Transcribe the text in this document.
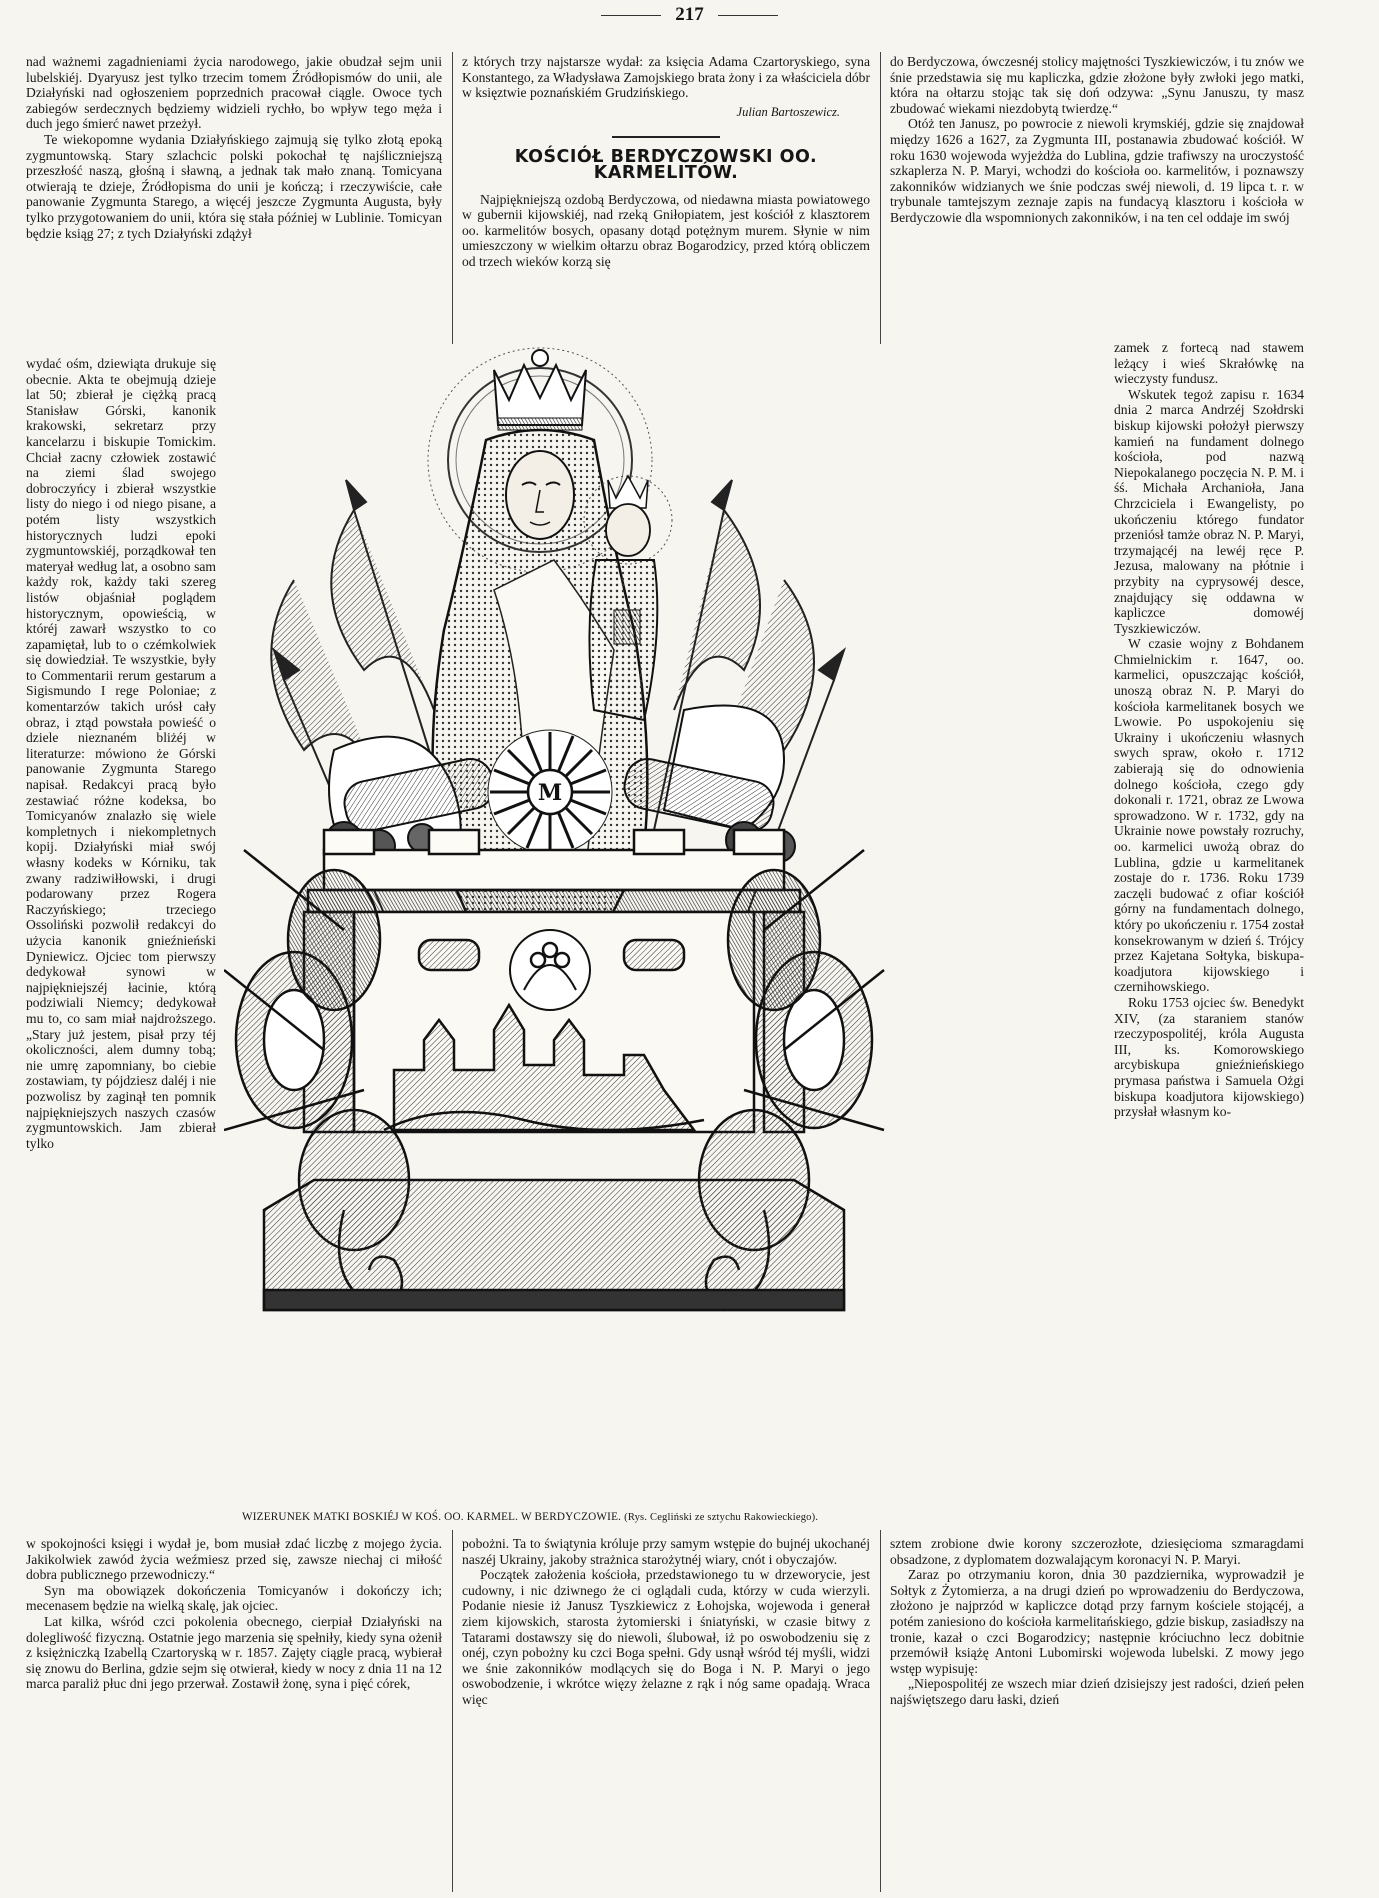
217

nad ważnemi zagadnieniami życia narodowego, jakie obudzał sejm unii lubelskiéj. Dyaryusz jest tylko trzecim tomem Źródłopismów do unii, ale Działyński nad ogłoszeniem poprzednich pracował ciągle. Owoce tych zabiegów serdecznych będziemy widzieli rychło, bo wpływ tego męża i duch jego śmierć nawet przeżył.

Te wiekopomne wydania Działyńskiego zajmują się tylko złotą epoką zygmuntowską. Stary szlachcic polski pokochał tę najśliczniejszą przeszłość naszą, głośną i sławną, a jednak tak mało znaną. Tomicyana otwierają te dzieje, Źródłopisma do unii je kończą; i rzeczywiście, całe panowanie Zygmunta Starego, a więcéj jeszcze Zygmunta Augusta, były tylko przygotowaniem do unii, która się stała później w Lublinie. Tomicyan będzie ksiąg 27; z tych Działyński zdążył

wydać ośm, dziewiąta drukuje się obecnie. Akta te obejmują dzieje lat 50; zbierał je ciężką pracą Stanisław Górski, kanonik krakowski, sekretarz przy kancelarzu i biskupie Tomickim. Chciał zacny człowiek zostawić na ziemi ślad swojego dobroczyńcy i zbierał wszystkie listy do niego i od niego pisane, a potém listy wszystkich historycznych ludzi epoki zygmuntowskiéj, porządkował ten materyał według lat, a osobno sam każdy rok, każdy taki szereg listów objaśniał poglądem historycznym, opowieścią, w któréj zawarł wszystko to co zapamiętał, lub to o czémkolwiek się dowiedział. Te wszystkie, były to Commentarii rerum gestarum a Sigismundo I rege Poloniae; z komentarzów takich urósł cały obraz, i ztąd powstała powieść o dziele nieznaném bliżéj w literaturze: mówiono że Górski panowanie Zygmunta Starego napisał. Redakcyi pracą było zestawiać różne kodeksa, bo Tomicyanów znalazło się wiele kompletnych i niekompletnych kopij. Działyński miał swój własny kodeks w Kórniku, tak zwany radziwiłłowski, i drugi podarowany przez Rogera Raczyńskiego; trzeciego Ossoliński pozwolił redakcyi do użycia kanonik gnieźnieński Dyniewicz. Ojciec tom pierwszy dedykował synowi w najpiękniejszéj łacinie, którą podziwiali Niemcy; dedykował mu to, co sam miał najdroższego. „Stary już jestem, pisał przy téj okoliczności, alem dumny tobą; nie umrę zapomniany, bo ciebie zostawiam, ty pójdziesz daléj i nie pozwolisz by zaginął ten pomnik najpiękniejszych naszych czasów zygmuntowskich. Jam zbierał tylko

w spokojności księgi i wydał je, bom musiał zdać liczbę z mojego życia. Jakikolwiek zawód życia weźmiesz przed się, zawsze niechaj ci miłość dobra publicznego przewodniczy.“

Syn ma obowiązek dokończenia Tomicyanów i dokończy ich; mecenasem będzie na wielką skalę, jak ojciec.

Lat kilka, wśród czci pokolenia obecnego, cierpiał Działyński na dolegliwość fizyczną. Ostatnie jego marzenia się spełniły, kiedy syna ożenił z księżniczką Izabellą Czartoryską w r. 1857. Zajęty ciągle pracą, wybierał się znowu do Berlina, gdzie sejm się otwierał, kiedy w nocy z dnia 11 na 12 marca paraliż płuc dni jego przerwał. Zostawił żonę, syna i pięć córek,

z których trzy najstarsze wydał: za księcia Adama Czartoryskiego, syna Konstantego, za Władysława Zamojskiego brata żony i za właściciela dóbr w księztwie poznańskiém Grudzińskiego.

Julian Bartoszewicz.
KOŚCIÓŁ BERDYCZOWSKI OO. KARMELITÓW.

Najpiękniejszą ozdobą Berdyczowa, od niedawna miasta powiatowego w gubernii kijowskiéj, nad rzeką Gniłopiatem, jest kościół z klasztorem oo. karmelitów bosych, opasany dotąd potężnym murem. Słynie w nim umieszczony w wielkim ołtarzu obraz Bogarodzicy, przed którą obliczem od trzech wieków korzą się

pobożni. Ta to świątynia króluje przy samym wstępie do bujnéj ukochanéj naszéj Ukrainy, jakoby strażnica starożytnéj wiary, cnót i obyczajów.

Początek założenia kościoła, przedstawionego tu w drzeworycie, jest cudowny, i nic dziwnego że ci oglądali cuda, którzy w cuda wierzyli. Podanie niesie iż Janusz Tyszkiewicz z Łohojska, wojewoda i generał ziem kijowskich, starosta żytomierski i śniatyński, w czasie bitwy z Tatarami dostawszy się do niewoli, ślubował, iż po oswobodzeniu się z onéj, czyn pobożny ku czci Boga spełni. Gdy usnął wśród téj myśli, widzi we śnie zakonników modlących się do Boga i N. P. Maryi o jego oswobodzenie, i wkrótce więzy żelazne z rąk i nóg same opadają. Wraca więc

do Berdyczowa, ówczesnéj stolicy majętności Tyszkiewiczów, i tu znów we śnie przedstawia się mu kapliczka, gdzie złożone były zwłoki jego matki, która na ołtarzu stojąc tak się doń odzywa: „Synu Januszu, ty masz zbudować wiekami niezdobytą twierdzę.“

Otóż ten Janusz, po powrocie z niewoli krymskiéj, gdzie się znajdował między 1626 a 1627, za Zygmunta III, postanawia zbudować kościół. W roku 1630 wojewoda wyjeżdża do Lublina, gdzie trafiwszy na uroczystość szkaplerza N. P. Maryi, wchodzi do kościoła oo. karmelitów, i poznawszy zakonników widzianych we śnie podczas swéj niewoli, d. 19 lipca t. r. w trybunale tamtejszym zeznaje zapis na fundacyą klasztoru i kościoła w Berdyczowie dla wspomnionych zakonników, i na ten cel oddaje im swój

zamek z fortecą nad stawem leżący i wieś Skrałówkę na wieczysty fundusz.

Wskutek tegoż zapisu r. 1634 dnia 2 marca Andrzéj Szołdrski biskup kijowski położył pierwszy kamień na fundament dolnego kościoła, pod nazwą Niepokalanego poczęcia N. P. M. i śś. Michała Archanioła, Jana Chrzciciela i Ewangelisty, po ukończeniu którego fundator przeniósł tamże obraz N. P. Maryi, trzymającéj na lewéj ręce P. Jezusa, malowany na płótnie i przybity na cyprysowéj desce, znajdujący się oddawna w kapliczce domowéj Tyszkiewiczów.

W czasie wojny z Bohdanem Chmielnickim r. 1647, oo. karmelici, opuszczając kościół, unoszą obraz N. P. Maryi do kościoła karmelitanek bosych we Lwowie. Po uspokojeniu się Ukrainy i ukończeniu własnych swych spraw, około r. 1712 zabierają się do odnowienia dolnego kościoła, czego gdy dokonali r. 1721, obraz ze Lwowa sprowadzono. W r. 1732, gdy na Ukrainie nowe powstały rozruchy, oo. karmelici uwożą obraz do Lublina, gdzie u karmelitanek zostaje do r. 1736. Roku 1739 zaczęli budować z ofiar kościół górny na fundamentach dolnego, który po ukończeniu r. 1754 został konsekrowanym w dzień ś. Trójcy przez Kajetana Sołtyka, biskupa-koadjutora kijowskiego i czernihowskiego.

Roku 1753 ojciec św. Benedykt XIV, (za staraniem stanów rzeczypospolitéj, króla Augusta III, ks. Komorowskiego arcybiskupa gnieźnieńskiego prymasa państwa i Samuela Ożgi biskupa koadjutora kijowskiego) przysłał własnym ko-

sztem zrobione dwie korony szczerozłote, dziesięcioma szmaragdami obsadzone, z dyplomatem dozwalającym koronacyi N. P. Maryi.

Zaraz po otrzymaniu koron, dnia 30 pazdziernika, wyprowadził je Sołtyk z Żytomierza, a na drugi dzień po wprowadzeniu do Berdyczowa, złożono je najprzód w kapliczce dotąd przy farnym kościele stojącéj, a potém zaniesiono do kościoła karmelitańskiego, gdzie biskup, zasiadłszy na tronie, kazał o czci Bogarodzicy; następnie króciuchno lecz dobitnie przemówił książę Antoni Lubomirski wojewoda lubelski. Z mowy jego wstęp wypisuję:

„Niepospolitéj ze wszech miar dzień dzisiejszy jest radości, dzień pełen najświętszego daru łaski, dzień

M
WIZERUNEK MATKI BOSKIÉJ W KOŚ. OO. KARMEL. W BERDYCZOWIE. (Rys. Cegliński ze sztychu Rakowieckiego).
